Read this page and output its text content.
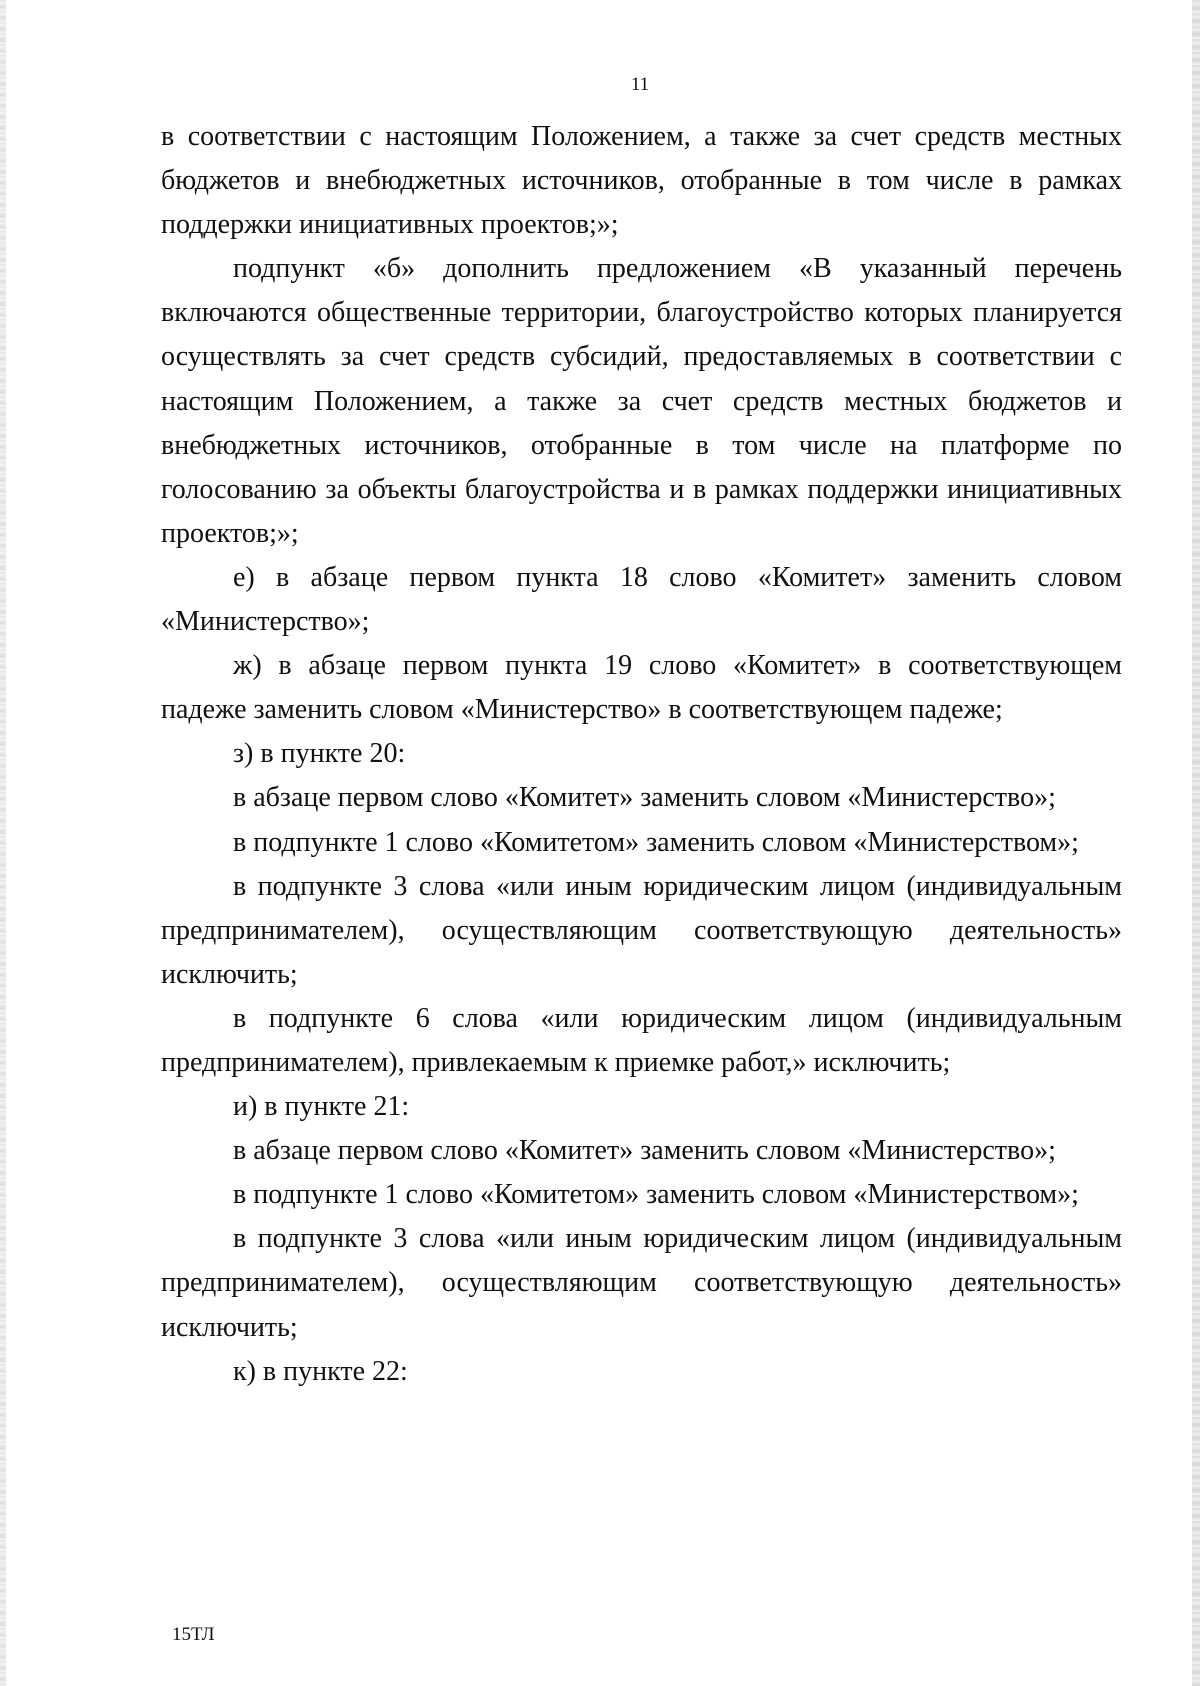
11

в соответствии с настоящим Положением, а также за счет средств местных бюджетов и внебюджетных источников, отобранные в том числе в рамках поддержки инициативных проектов;»;

подпункт «б» дополнить предложением «В указанный перечень включаются общественные территории, благоустройство которых планируется осуществлять за счет средств субсидий, предоставляемых в соответствии с настоящим Положением, а также за счет средств местных бюджетов и внебюджетных источников, отобранные в том числе на платформе по голосованию за объекты благоустройства и в рамках поддержки инициативных проектов;»;

е) в абзаце первом пункта 18 слово «Комитет» заменить словом «Министерство»;

ж) в абзаце первом пункта 19 слово «Комитет» в соответствующем падеже заменить словом «Министерство» в соответствующем падеже;

з) в пункте 20:

в абзаце первом слово «Комитет» заменить словом «Министерство»;

в подпункте 1 слово «Комитетом» заменить словом «Министерством»;

в подпункте 3 слова «или иным юридическим лицом (индивидуальным предпринимателем), осуществляющим соответствующую деятельность» исключить;

в подпункте 6 слова «или юридическим лицом (индивидуальным предпринимателем), привлекаемым к приемке работ,» исключить;

и) в пункте 21:

в абзаце первом слово «Комитет» заменить словом «Министерство»;

в подпункте 1 слово «Комитетом» заменить словом «Министерством»;

в подпункте 3 слова «или иным юридическим лицом (индивидуальным предпринимателем), осуществляющим соответствующую деятельность» исключить;

к) в пункте 22:

15ТЛ
